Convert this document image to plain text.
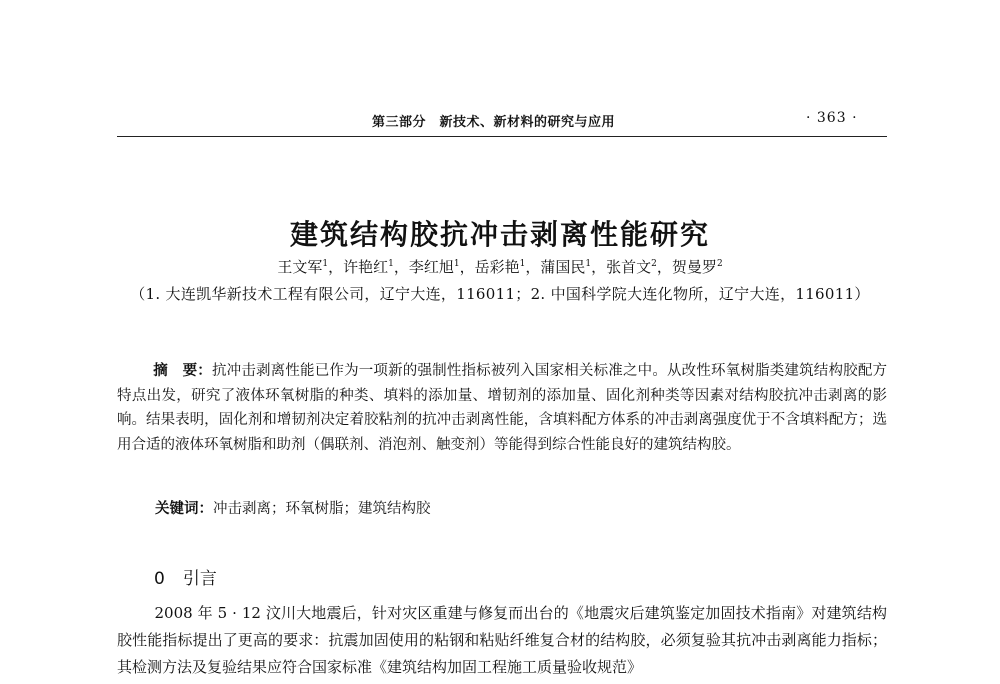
第三部分　新技术、新材料的研究与应用	· 363 ·
建筑结构胶抗冲击剥离性能研究
王文军$^1$，许艳红$^1$，李红旭$^1$，岳彩艳$^1$，蒲国民$^1$，张首文$^2$，贺曼罗$^2$
（1. 大连凯华新技术工程有限公司，辽宁大连，116011；2. 中国科学院大连化物所，辽宁大连，116011）

摘　要：抗冲击剥离性能已作为一项新的强制性指标被列入国家相关标准之中。从改性环氧树脂类建筑结构胶配方特点出发，研究了液体环氧树脂的种类、填料的添加量、增韧剂的添加量、固化剂种类等因素对结构胶抗冲击剥离的影响。结果表明，固化剂和增韧剂决定着胶粘剂的抗冲击剥离性能，含填料配方体系的冲击剥离强度优于不含填料配方；选用合适的液体环氧树脂和助剂（偶联剂、消泡剂、触变剂）等能得到综合性能良好的建筑结构胶。

关键词：冲击剥离；环氧树脂；建筑结构胶
0 引言

2008 年 5 · 12 汶川大地震后，针对灾区重建与修复而出台的《地震灾后建筑鉴定加固技术指南》对建筑结构胶性能指标提出了更高的要求：抗震加固使用的粘钢和粘贴纤维复合材的结构胶，必须复验其抗冲击剥离能力指标；其检测方法及复验结果应符合国家标准《建筑结构加固工程施工质量验收规范》
